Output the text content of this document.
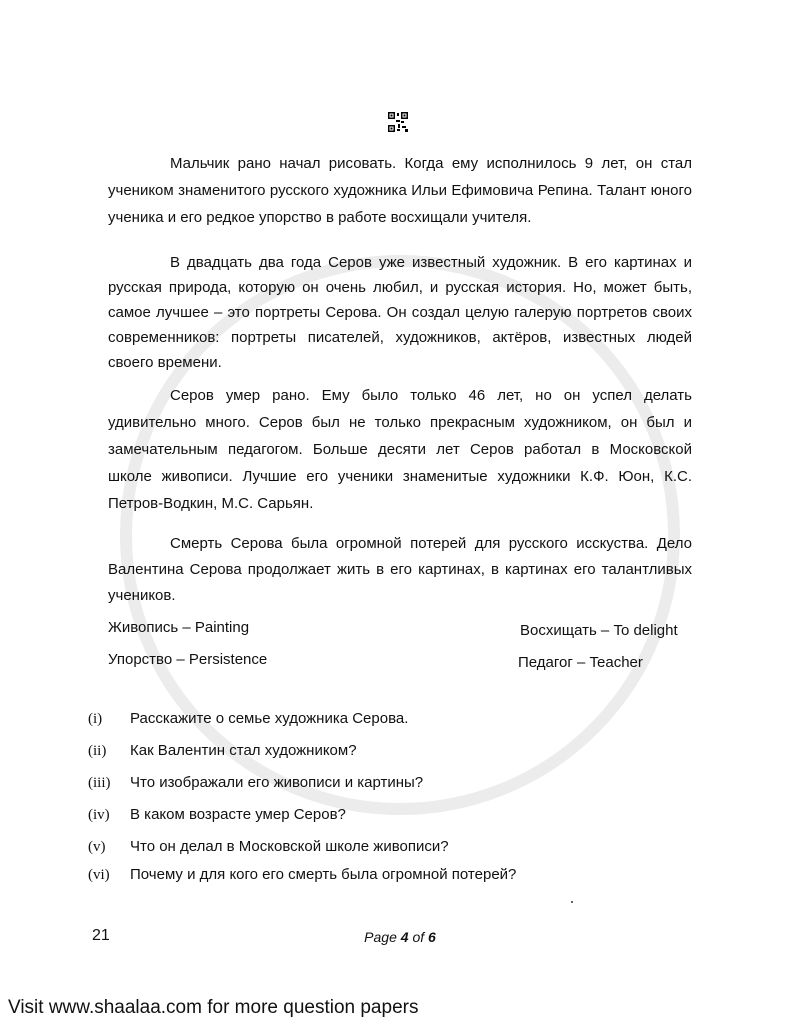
Мальчик рано начал рисовать. Когда ему исполнилось 9 лет, он стал
учеником знаменитого русского художника Ильи Ефимовича Репина. Талант юного
ученика и его редкое упорство в работе восхищали учителя.
В двадцать два года Серов уже известный художник. В его картинах и
русская природа, которую он очень любил, и русская история. Но, может быть,
самое лучшее – это портреты Серова. Он создал целую галерую портретов своих
современников: портреты писателей, художников, актёров, известных людей
своего времени.
Серов умер рано. Ему было только 46 лет, но он успел делать
удивительно много. Серов был не только прекрасным художником, он был и
замечательным педагогом. Больше десяти лет Серов работал в Московской
школе живописи. Лучшие его ученики знаменитые художники К.Ф. Юон, К.С.
Петров-Водкин, М.С. Сарьян.
Смерть Серова была огромной потерей для русского исскуства. Дело
Валентина Серова продолжает жить в его картинах, в картинах его талантливых
учеников.
Живопись – Painting
Упорство – Persistence
Восхищать – To delight
Педагог – Teacher
(i) Расскажите о семье художника Серова.
(ii) Как Валентин стал художником?
(iii) Что изображали его живописи и картины?
(iv) В каком возрасте умер Серов?
(v) Что он делал в Московской школе живописи?
(vi) Почему и для кого его смерть была огромной потерей?
21	Page 4 of 6
Visit www.shaalaa.com for more question papers
